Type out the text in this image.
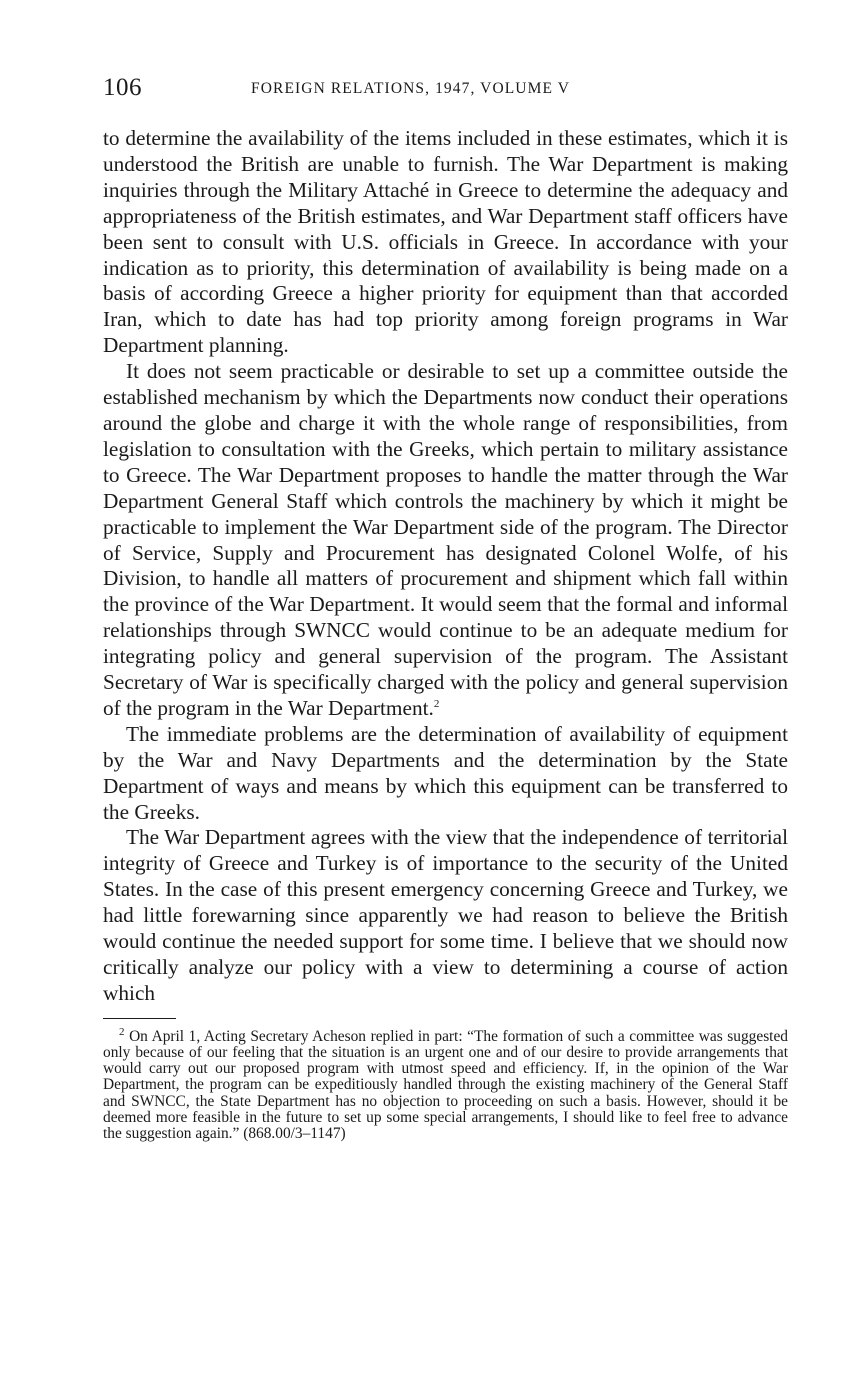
106	FOREIGN RELATIONS, 1947, VOLUME V

to determine the availability of the items included in these estimates, which it is understood the British are unable to furnish. The War Department is making inquiries through the Military Attaché in Greece to determine the adequacy and appropriateness of the British estimates, and War Department staff officers have been sent to consult with U.S. officials in Greece. In accordance with your indication as to priority, this determination of availability is being made on a basis of according Greece a higher priority for equipment than that accorded Iran, which to date has had top priority among foreign programs in War Department planning.

It does not seem practicable or desirable to set up a committee outside the established mechanism by which the Departments now conduct their operations around the globe and charge it with the whole range of responsibilities, from legislation to consultation with the Greeks, which pertain to military assistance to Greece. The War Department proposes to handle the matter through the War Department General Staff which controls the machinery by which it might be practicable to implement the War Department side of the program. The Director of Service, Supply and Procurement has designated Colonel Wolfe, of his Division, to handle all matters of procurement and shipment which fall within the province of the War Department. It would seem that the formal and informal relationships through SWNCC would continue to be an adequate medium for integrating policy and general supervision of the program. The Assistant Secretary of War is specifically charged with the policy and general supervision of the program in the War Department.$^2$

The immediate problems are the determination of availability of equipment by the War and Navy Departments and the determination by the State Department of ways and means by which this equipment can be transferred to the Greeks.

The War Department agrees with the view that the independence of territorial integrity of Greece and Turkey is of importance to the security of the United States. In the case of this present emergency concerning Greece and Turkey, we had little forewarning since apparently we had reason to believe the British would continue the needed support for some time. I believe that we should now critically analyze our policy with a view to determining a course of action which

$^2$ On April 1, Acting Secretary Acheson replied in part: “The formation of such a committee was suggested only because of our feeling that the situation is an urgent one and of our desire to provide arrangements that would carry out our proposed program with utmost speed and efficiency. If, in the opinion of the War Department, the program can be expeditiously handled through the existing machinery of the General Staff and SWNCC, the State Department has no objection to proceeding on such a basis. However, should it be deemed more feasible in the future to set up some special arrangements, I should like to feel free to advance the suggestion again.” (868.00/3–1147)
